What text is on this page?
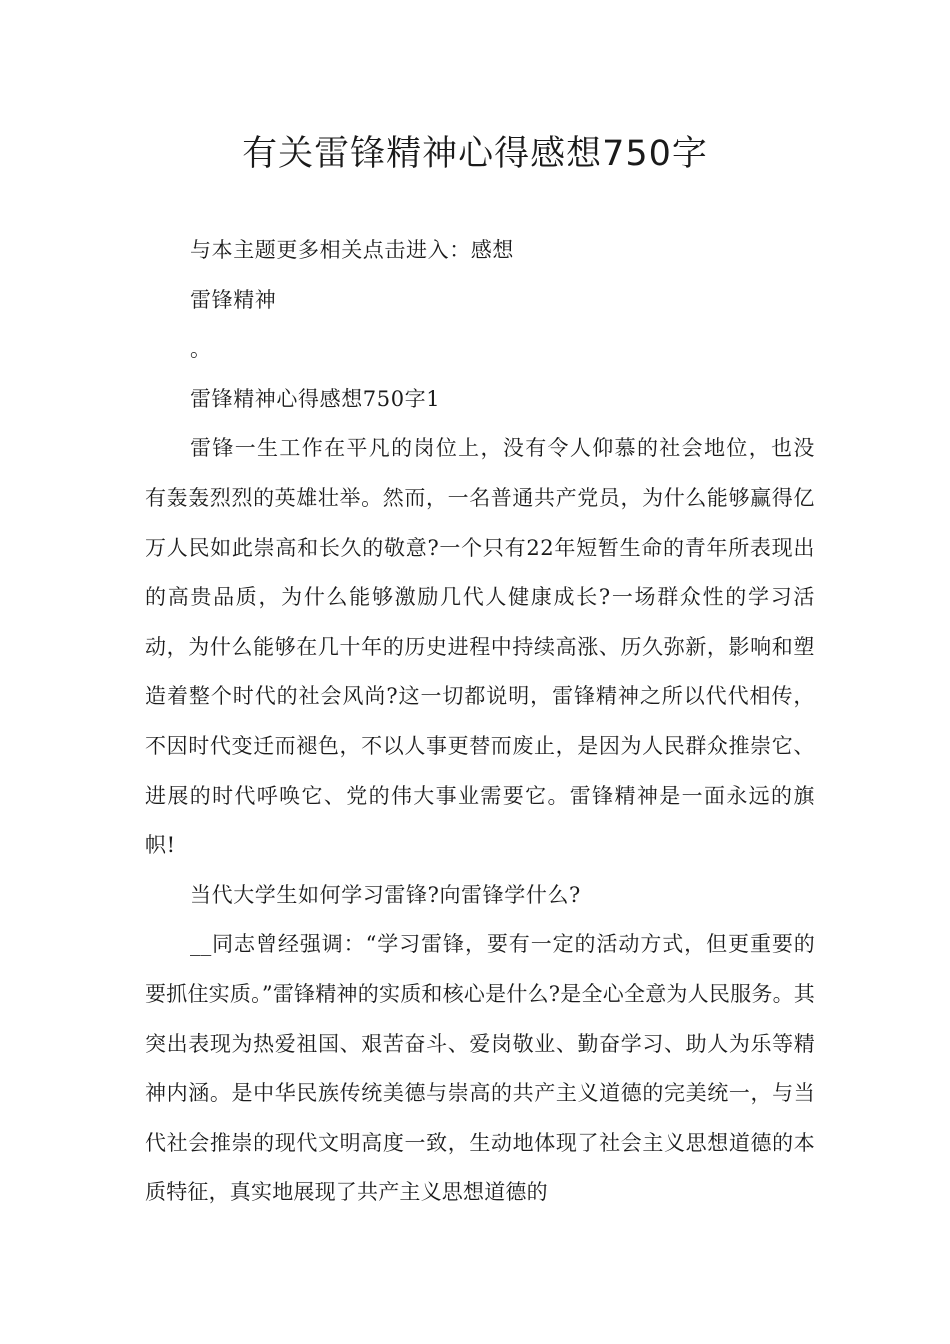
有关雷锋精神心得感想750字

与本主题更多相关点击进入：感想

雷锋精神

。

雷锋精神心得感想750字1

雷锋一生工作在平凡的岗位上，没有令人仰慕的社会地位，也没有轰轰烈烈的英雄壮举。然而，一名普通共产党员，为什么能够赢得亿万人民如此崇高和长久的敬意?一个只有22年短暂生命的青年所表现出的高贵品质，为什么能够激励几代人健康成长?一场群众性的学习活动，为什么能够在几十年的历史进程中持续高涨、历久弥新，影响和塑造着整个时代的社会风尚?这一切都说明，雷锋精神之所以代代相传，不因时代变迁而褪色，不以人事更替而废止，是因为人民群众推崇它、进展的时代呼唤它、党的伟大事业需要它。雷锋精神是一面永远的旗帜!

当代大学生如何学习雷锋?向雷锋学什么?

__同志曾经强调：“学习雷锋，要有一定的活动方式，但更重要的要抓住实质。”雷锋精神的实质和核心是什么?是全心全意为人民服务。其突出表现为热爱祖国、艰苦奋斗、爱岗敬业、勤奋学习、助人为乐等精神内涵。是中华民族传统美德与崇高的共产主义道德的完美统一，与当代社会推崇的现代文明高度一致，生动地体现了社会主义思想道德的本质特征，真实地展现了共产主义思想道德的
